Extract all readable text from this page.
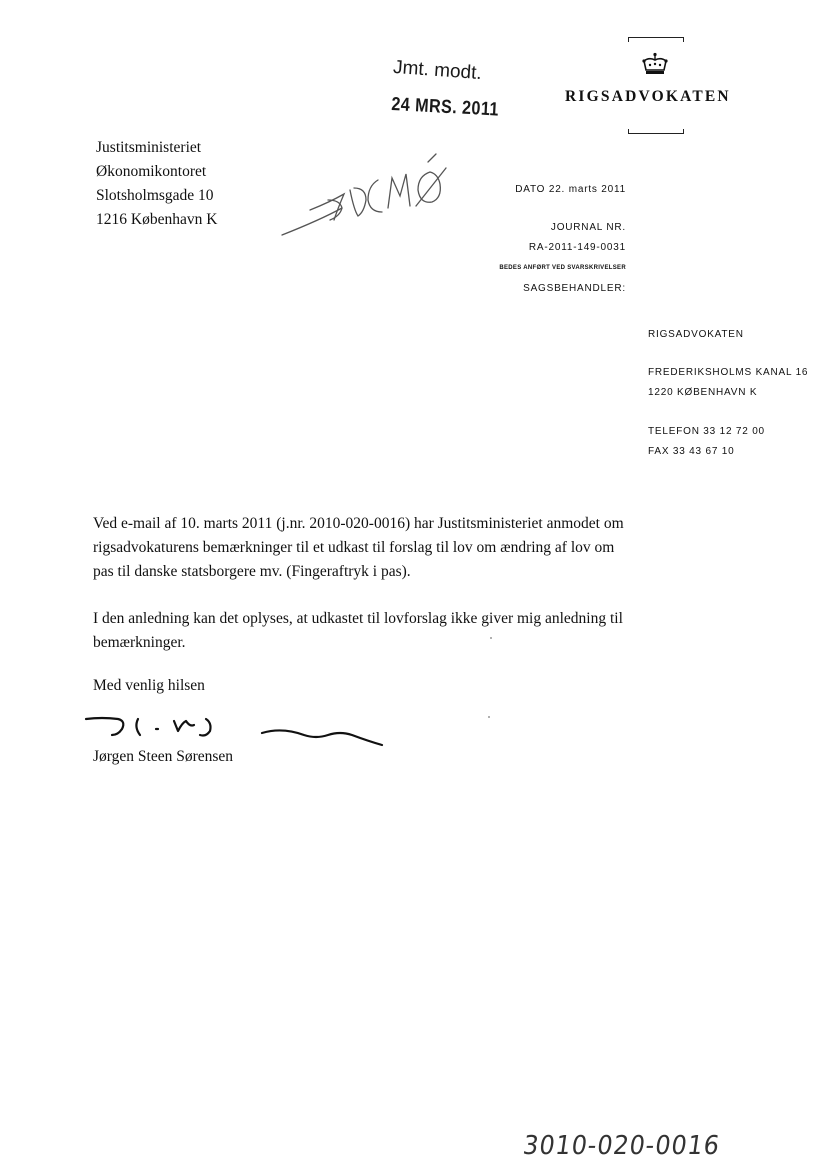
RIGSADVOKATEN
Jmt. modt.
24 MRS. 2011
Justitsministeriet
Økonomikontoret
Slotsholmsgade 10
1216 København K
DATO 22. marts 2011
JOURNAL NR.
RA-2011-149-0031
BEDES ANFØRT VED SVARSKRIVELSER
SAGSBEHANDLER:
RIGSADVOKATEN
FREDERIKSHOLMS KANAL 16
1220 KØBENHAVN K
TELEFON 33 12 72 00
FAX 33 43 67 10
Ved e-mail af 10. marts 2011 (j.nr. 2010-020-0016) har Justitsministeriet anmodet om rigsadvokaturens bemærkninger til et udkast til forslag til lov om ændring af lov om pas til danske statsborgere mv. (Fingeraftryk i pas).
I den anledning kan det oplyses, at udkastet til lovforslag ikke giver mig anledning til bemærkninger.
Med venlig hilsen
Jørgen Steen Sørensen
3010-020-0016
